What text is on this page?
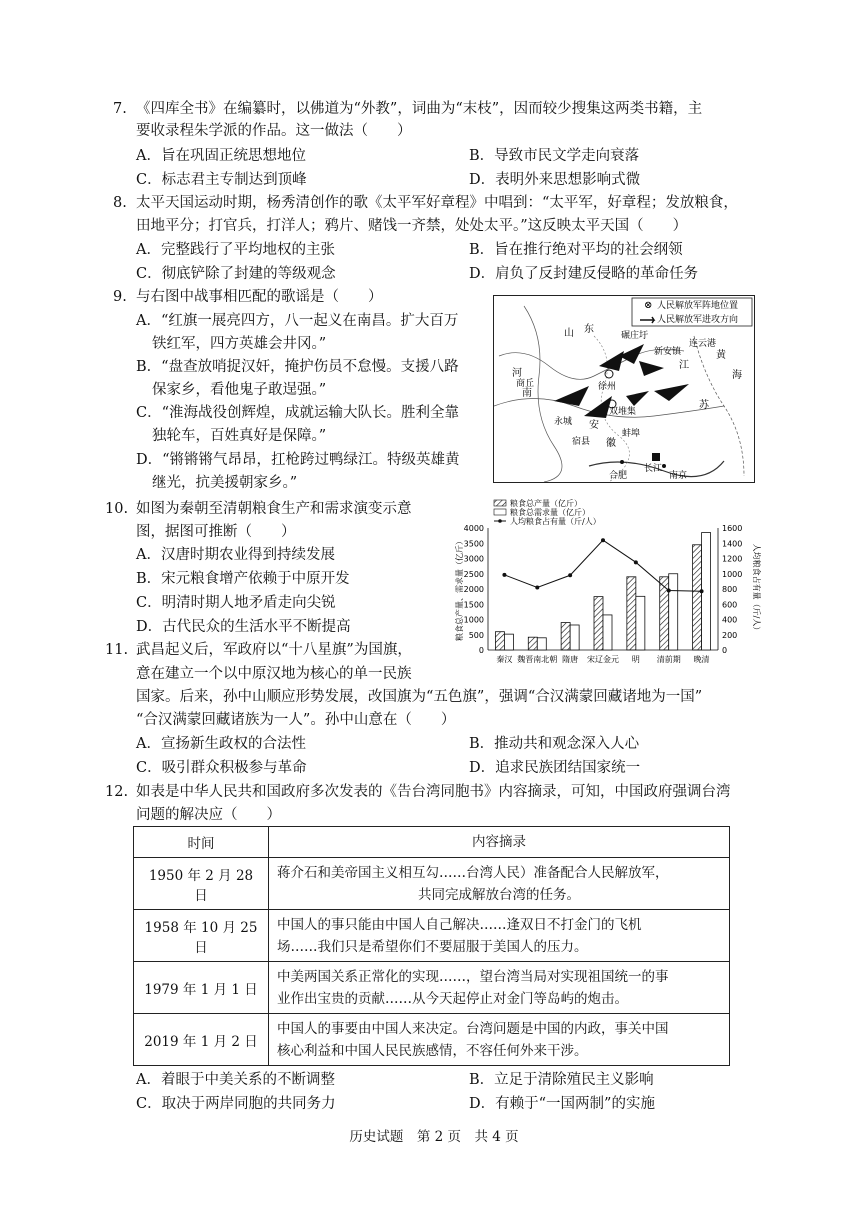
7. 《四库全书》在编纂时，以佛道为“外教”，词曲为“末枝”，因而较少搜集这两类书籍，主
要收录程朱学派的作品。这一做法（　　）
A．旨在巩固正统思想地位	B．导致市民文学走向衰落
C．标志君主专制达到顶峰	D．表明外来思想影响式微
8. 太平天国运动时期，杨秀清创作的歌《太平军好章程》中唱到：“太平军，好章程；发放粮食，
田地平分；打官兵，打洋人；鸦片、赌饯一齐禁，处处太平。”这反映太平天国（　　）
A．完整践行了平均地权的主张	B．旨在推行绝对平均的社会纲领
C．彻底铲除了封建的等级观念	D．肩负了反封建反侵略的革命任务
9. 与右图中战事相匹配的歌谣是（　　）
A．“红旗一展亮四方，八一起义在南昌。扩大百万
铁红军，四方英雄会井冈。”
B．“盘查放哨捉汉奸，掩护伤员不怠慢。支援八路
保家乡，看他鬼子敢逞强。”
C．“淮海战役创辉煌，成就运输大队长。胜利全靠
独轮车，百姓真好是保障。”
D．“锵锵锵气昂昂，扛枪跨过鸭绿江。特级英雄黄
继光，抗美援朝家乡。”
⊗ 人民解放军阵地位置
人民解放军进攻方向
山 东
河
南
江
苏
安
徽
黄
海
徐州
碾庄圩
商丘
双堆集
蚌埠
合肥	南京
长江
新安镇
连云港
永城
宿县
10. 如图为秦朝至清朝粮食生产和需求演变示意
图，据图可推断（　　）
A．汉唐时期农业得到持续发展
B．宋元粮食增产依赖于中原开发
C．明清时期人地矛盾走向尖锐
D．古代民众的生活水平不断提高
0
500
1000
1500
2000
2500
3000
3500
4000
0
200
400
600
800
1000
1200
1400
1600
粮食总产量、需求量（亿斤）	人均粮食占有量（斤/人）
秦汉 魏晋南北朝 隋唐 宋辽金元 明 清前期 晚清
粮食总产量（亿斤）
粮食总需求量（亿斤）
人均粮食占有量（斤/人）
11. 武昌起义后，军政府以“十八星旗”为国旗，
意在建立一个以中原汉地为核心的单一民族
国家。后来，孙中山顺应形势发展，改国旗为“五色旗”，强调“合汉满蒙回藏诸地为一国”
“合汉满蒙回藏诸族为一人”。孙中山意在（　　）
A．宣扬新生政权的合法性	B．推动共和观念深入人心
C．吸引群众积极参与革命	D．追求民族团结国家统一
12. 如表是中华人民共和国政府多次发表的《告台湾同胞书》内容摘录，可知，中国政府强调台湾
问题的解决应（　　）
时间	内容摘录
1950 年 2 月 28 日	蒋介石和美帝国主义相互勾……台湾人民）准备配合人民解放军，
共同完成解放台湾的任务。

1958 年 10 月 25 日	中国人的事只能由中国人自己解决……逢双日不打金门的飞机
场……我们只是希望你们不要屈服于美国人的压力。

1979 年 1 月 1 日	中美两国关系正常化的实现……，望台湾当局对实现祖国统一的事
业作出宝贵的贡献……从今天起停止对金门等岛屿的炮击。

2019 年 1 月 2 日	中国人的事要由中国人来决定。台湾问题是中国的内政，事关中国
核心利益和中国人民民族感情，不容任何外来干涉。
A．着眼于中美关系的不断调整	B．立足于清除殖民主义影响
C．取决于两岸同胞的共同务力	D．有赖于“一国两制”的实施
历史试题　第 2 页　共 4 页
